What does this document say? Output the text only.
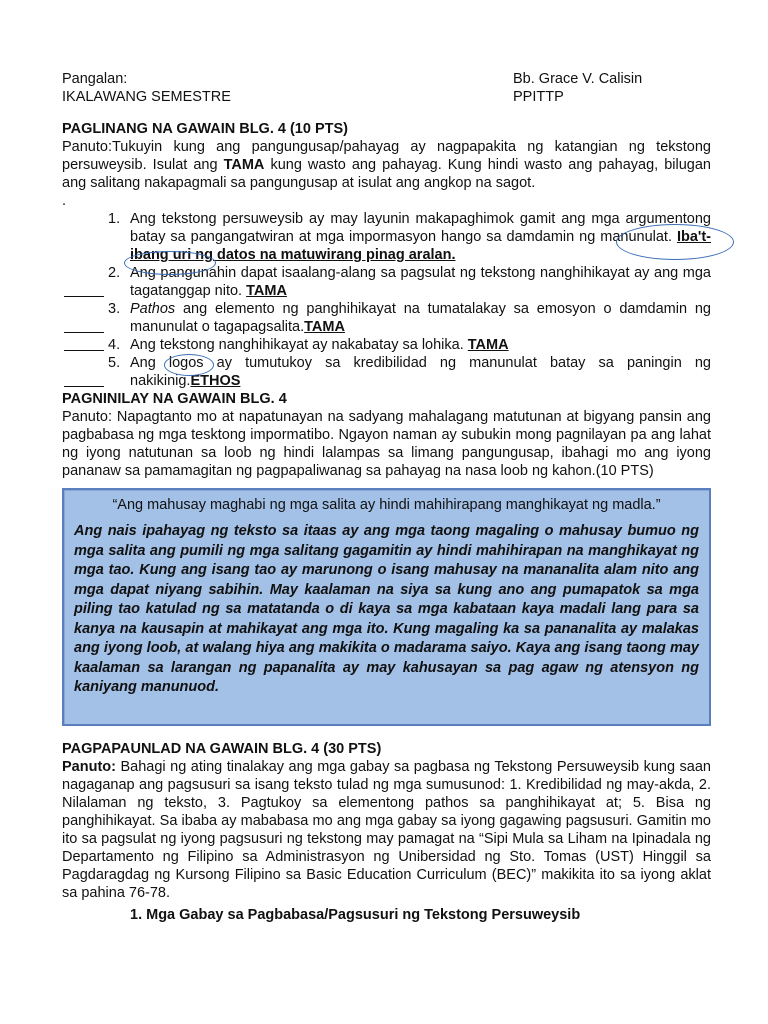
Pangalan:
IKALAWANG SEMESTRE
Bb. Grace V. Calisin
PPITTP

PAGLINANG NA GAWAIN BLG. 4 (10 PTS)

Panuto:Tukuyin kung ang pangungusap/pahayag ay nagpapakita ng katangian ng tekstong persuweysib. Isulat ang TAMA kung wasto ang pahayag. Kung hindi wasto ang pahayag, bilugan ang salitang nakapagmali sa pangungusap at isulat ang angkop na sagot.

.

1. Ang tekstong persuweysib ay may layunin makapaghimok gamit ang mga argumentong batay sa pangangatwiran at mga impormasyon hango sa damdamin ng manunulat. Iba't-ibang uri ng datos na matuwirang pinag aralan.
2. Ang pangunahin dapat isaalang-alang sa pagsulat ng tekstong nanghihikayat ay ang mga tagatanggap nito. TAMA
3. Pathos ang elemento ng panghihikayat na tumatalakay sa emosyon o damdamin ng manunulat o tagapagsalita.TAMA
4. Ang tekstong nanghihikayat ay nakabatay sa lohika. TAMA
5. Ang logos ay tumutukoy sa kredibilidad ng manunulat batay sa paningin ng nakikinig.ETHOS

PAGNINILAY NA GAWAIN BLG. 4

Panuto: Napagtanto mo at napatunayan na sadyang mahalagang matutunan at bigyang pansin ang pagbabasa ng mga tesktong impormatibo. Ngayon naman ay subukin mong pagnilayan pa ang lahat ng iyong natutunan sa loob ng hindi lalampas sa limang pangungusap, ibahagi mo ang iyong pananaw sa pamamagitan ng pagpapaliwanag sa pahayag na nasa loob ng kahon.(10 PTS)

“Ang mahusay maghabi ng mga salita ay hindi mahihirapang manghikayat ng madla.”

Ang nais ipahayag ng teksto sa itaas ay ang mga taong magaling o mahusay bumuo ng mga salita ang pumili ng mga salitang gagamitin ay hindi mahihirapan na manghikayat ng mga tao. Kung ang isang tao ay marunong o isang mahusay na mananalita alam nito ang mga dapat niyang sabihin. May kaalaman na siya sa kung ano ang pumapatok sa mga piling tao katulad ng sa matatanda o di kaya sa mga kabataan kaya madali lang para sa kanya na kausapin at mahikayat ang mga ito. Kung magaling ka sa pananalita ay malakas ang iyong loob, at walang hiya ang makikita o madarama saiyo. Kaya ang isang taong may kaalaman sa larangan ng papanalita ay may kahusayan sa pag agaw ng atensyon ng kaniyang manunuod.

PAGPAPAUNLAD NA GAWAIN BLG. 4 (30 PTS)

Panuto: Bahagi ng ating tinalakay ang mga gabay sa pagbasa ng Tekstong Persuweysib kung saan nagaganap ang pagsusuri sa isang teksto tulad ng mga sumusunod: 1. Kredibilidad ng may-akda, 2. Nilalaman ng teksto, 3. Pagtukoy sa elementong pathos sa panghihikayat at; 5. Bisa ng panghihikayat. Sa ibaba ay mababasa mo ang mga gabay sa iyong gagawing pagsusuri. Gamitin mo ito sa pagsulat ng iyong pagsusuri ng tekstong may pamagat na “Sipi Mula sa Liham na Ipinadala ng Departamento ng Filipino sa Administrasyon ng Unibersidad ng Sto. Tomas (UST) Hinggil sa Pagdaragdag ng Kursong Filipino sa Basic Education Curriculum (BEC)” makikita ito sa iyong aklat sa pahina 76-78.

1. Mga Gabay sa Pagbabasa/Pagsusuri ng Tekstong Persuweysib
